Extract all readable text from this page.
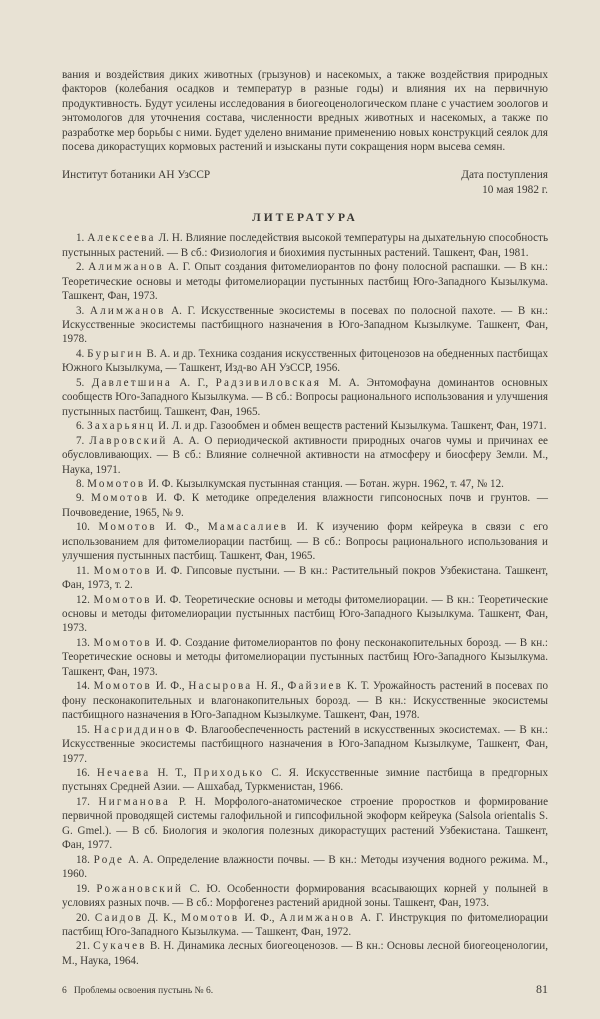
вания и воздействия диких животных (грызунов) и насекомых, а также воздействия природных факторов (колебания осадков и температур в разные годы) и влияния их на первичную продуктивность. Будут усилены исследования в биогеоценологическом плане с участием зоологов и энтомологов для уточнения состава, численности вредных животных и насекомых, а также по разработке мер борьбы с ними. Будет уделено внимание применению новых конструкций сеялок для посева дикорастущих кормовых растений и изысканы пути сокращения норм высева семян.

Институт ботаники АН УзССР	Дата поступления
10 мая 1982 г.
ЛИТЕРАТУРА

1. Алексеева Л. Н. Влияние последействия высокой температуры на дыхательную способность пустынных растений. — В сб.: Физиология и биохимия пустынных растений. Ташкент, Фан, 1981.

2. Алимжанов А. Г. Опыт создания фитомелиорантов по фону полосной распашки. — В кн.: Теоретические основы и методы фитомелиорации пустынных пастбищ Юго-Западного Кызылкума. Ташкент, Фан, 1973.

3. Алимжанов А. Г. Искусственные экосистемы в посевах по полосной пахоте. — В кн.: Искусственные экосистемы пастбищного назначения в Юго-Западном Кызылкуме. Ташкент, Фан, 1978.

4. Бурыгин В. А. и др. Техника создания искусственных фитоценозов на обедненных пастбищах Южного Кызылкума, — Ташкент, Изд-во АН УзССР, 1956.

5. Давлетшина А. Г., Радзивиловская М. А. Энтомофауна доминантов основных сообществ Юго-Западного Кызылкума. — В сб.: Вопросы рационального использования и улучшения пустынных пастбищ. Ташкент, Фан, 1965.

6. Захарьянц И. Л. и др. Газообмен и обмен веществ растений Кызылкума. Ташкент, Фан, 1971.

7. Лавровский А. А. О периодической активности природных очагов чумы и причинах ее обусловливающих. — В сб.: Влияние солнечной активности на атмосферу и биосферу Земли. М., Наука, 1971.

8. Момотов И. Ф. Кызылкумская пустынная станция. — Ботан. журн. 1962, т. 47, № 12.

9. Момотов И. Ф. К методике определения влажности гипсоносных почв и грунтов. — Почвоведение, 1965, № 9.

10. Момотов И. Ф., Мамасалиев И. К изучению форм кейреука в связи с его использованием для фитомелиорации пастбищ. — В сб.: Вопросы рационального использования и улучшения пустынных пастбищ. Ташкент, Фан, 1965.

11. Момотов И. Ф. Гипсовые пустыни. — В кн.: Растительный покров Узбекистана. Ташкент, Фан, 1973, т. 2.

12. Момотов И. Ф. Теоретические основы и методы фитомелиорации. — В кн.: Теоретические основы и методы фитомелиорации пустынных пастбищ Юго-Западного Кызылкума. Ташкент, Фан, 1973.

13. Момотов И. Ф. Создание фитомелиорантов по фону песконакопительных борозд. — В кн.: Теоретические основы и методы фитомелиорации пустынных пастбищ Юго-Западного Кызылкума. Ташкент, Фан, 1973.

14. Момотов И. Ф., Насырова Н. Я., Файзиев К. Т. Урожайность растений в посевах по фону песконакопительных и влагонакопительных борозд. — В кн.: Искусственные экосистемы пастбищного назначения в Юго-Западном Кызылкуме. Ташкент, Фан, 1978.

15. Насриддинов Ф. Влагообеспеченность растений в искусственных экосистемах. — В кн.: Искусственные экосистемы пастбищного назначения в Юго-Западном Кызылкуме, Ташкент, Фан, 1977.

16. Нечаева Н. Т., Приходько С. Я. Искусственные зимние пастбища в предгорных пустынях Средней Азии. — Ашхабад, Туркменистан, 1966.

17. Нигманова Р. Н. Морфолого-анатомическое строение проростков и формирование первичной проводящей системы галофильной и гипсофильной экоформ кейреука (Salsola orientalis S. G. Gmel.). — В сб. Биология и экология полезных дикорастущих растений Узбекистана. Ташкент, Фан, 1977.

18. Роде А. А. Определение влажности почвы. — В кн.: Методы изучения водного режима. М., 1960.

19. Рожановский С. Ю. Особенности формирования всасывающих корней у полыней в условиях разных почв. — В сб.: Морфогенез растений аридной зоны. Ташкент, Фан, 1973.

20. Саидов Д. К., Момотов И. Ф., Алимжанов А. Г. Инструкция по фитомелиорации пастбищ Юго-Западного Кызылкума. — Ташкент, Фан, 1972.

21. Сукачев В. Н. Динамика лесных биогеоценозов. — В кн.: Основы лесной биогеоценологии, М., Наука, 1964.

6 Проблемы освоения пустынь № 6.	81
